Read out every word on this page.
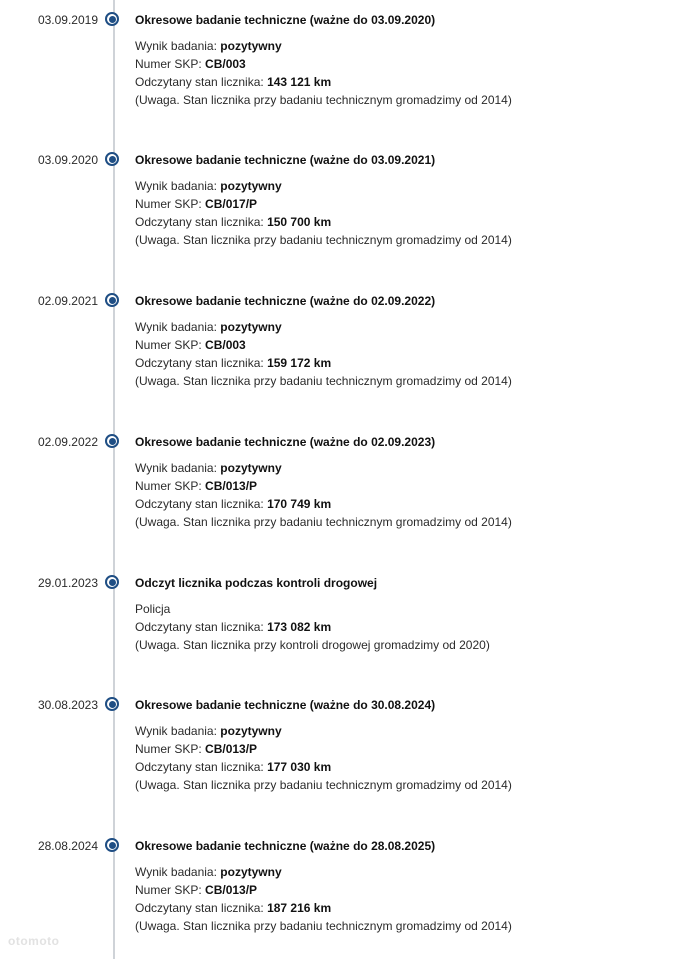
03.09.2019	Okresowe badanie techniczne (ważne do 03.09.2020)
Wynik badania: pozytywny
Numer SKP: CB/003
Odczytany stan licznika: 143 121 km
(Uwaga. Stan licznika przy badaniu technicznym gromadzimy od 2014)
03.09.2020	Okresowe badanie techniczne (ważne do 03.09.2021)
Wynik badania: pozytywny
Numer SKP: CB/017/P
Odczytany stan licznika: 150 700 km
(Uwaga. Stan licznika przy badaniu technicznym gromadzimy od 2014)
02.09.2021	Okresowe badanie techniczne (ważne do 02.09.2022)
Wynik badania: pozytywny
Numer SKP: CB/003
Odczytany stan licznika: 159 172 km
(Uwaga. Stan licznika przy badaniu technicznym gromadzimy od 2014)
02.09.2022	Okresowe badanie techniczne (ważne do 02.09.2023)
Wynik badania: pozytywny
Numer SKP: CB/013/P
Odczytany stan licznika: 170 749 km
(Uwaga. Stan licznika przy badaniu technicznym gromadzimy od 2014)
29.01.2023	Odczyt licznika podczas kontroli drogowej
Policja
Odczytany stan licznika: 173 082 km
(Uwaga. Stan licznika przy kontroli drogowej gromadzimy od 2020)
30.08.2023	Okresowe badanie techniczne (ważne do 30.08.2024)
Wynik badania: pozytywny
Numer SKP: CB/013/P
Odczytany stan licznika: 177 030 km
(Uwaga. Stan licznika przy badaniu technicznym gromadzimy od 2014)
28.08.2024	Okresowe badanie techniczne (ważne do 28.08.2025)
Wynik badania: pozytywny
Numer SKP: CB/013/P
Odczytany stan licznika: 187 216 km
(Uwaga. Stan licznika przy badaniu technicznym gromadzimy od 2014)
otomoto
